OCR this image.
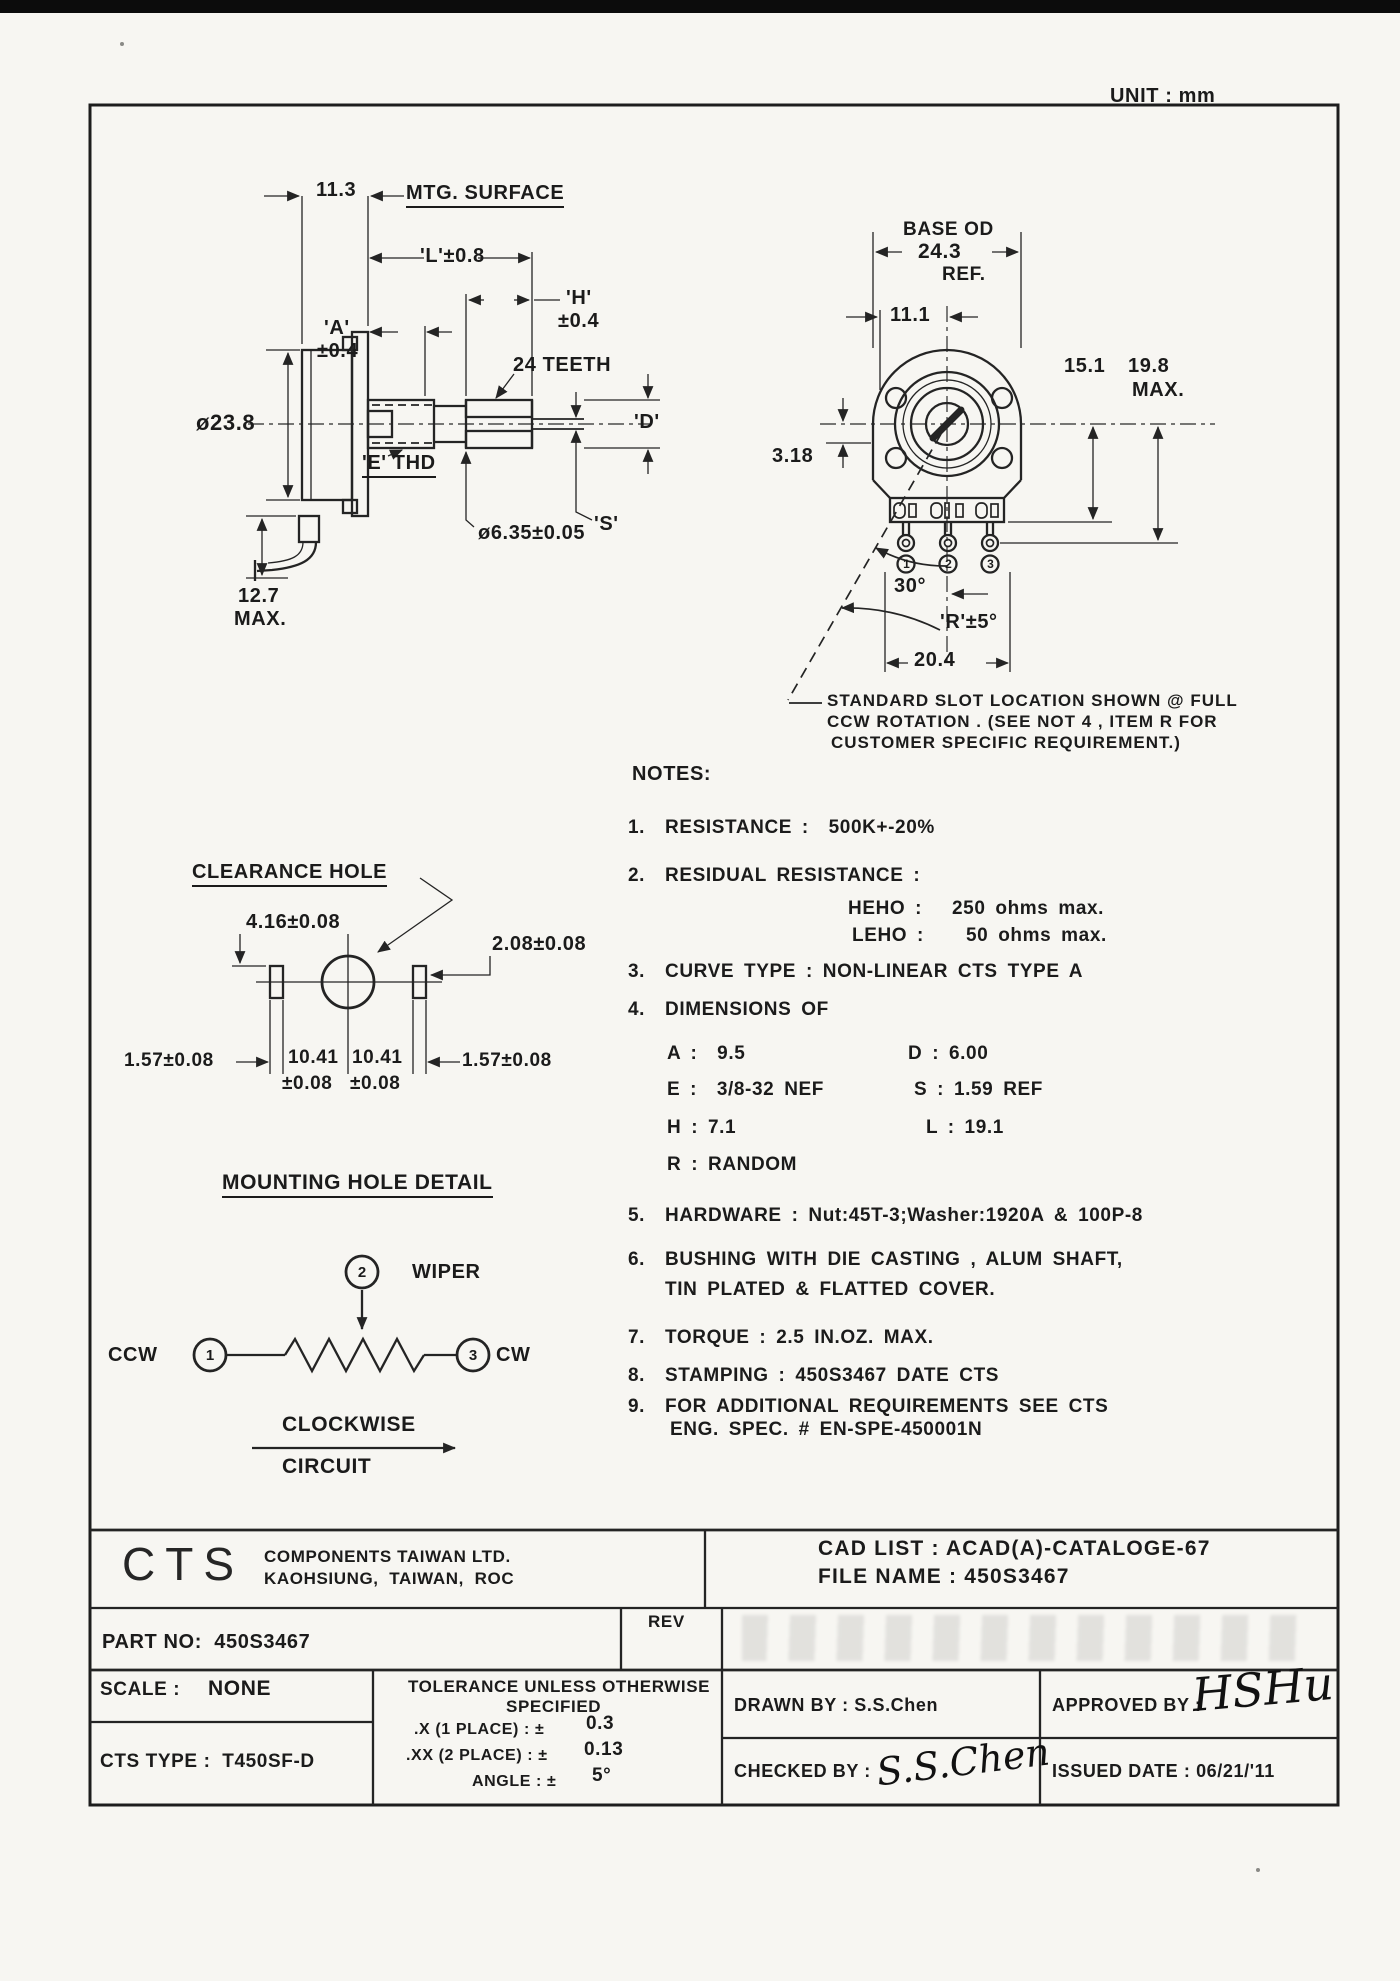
UNIT : mm
11.3 MTG. SURFACE
'L'±0.8
'H'
±0.4
'A'
±0.4
24 TEETH
ø23.8	'D'
'S'
ø6.35±0.05
'E' THD
12.7
MAX.
BASE OD
24.3
REF.
11.1
3.18
15.1 19.8
MAX.
30°
'R'±5°
20.4
1	2	3
STANDARD SLOT LOCATION SHOWN @ FULL
CCW ROTATION . (SEE NOT 4 , ITEM R FOR
CUSTOMER SPECIFIC REQUIREMENT.)
NOTES:
1. RESISTANCE :  500K+-20%
2. RESIDUAL RESISTANCE :
HEHO : 250 ohms max.
LEHO : 50 ohms max.
3. CURVE TYPE : NON-LINEAR CTS TYPE A
4. DIMENSIONS OF
A :  9.5	D : 6.00
E :  3/8-32 NEF	S : 1.59 REF
H : 7.1	L : 19.1
R : RANDOM
5. HARDWARE : Nut:45T-3;Washer:1920A & 100P-8
6. BUSHING WITH DIE CASTING , ALUM SHAFT,
TIN PLATED & FLATTED COVER.
7. TORQUE : 2.5 IN.OZ. MAX.
8. STAMPING : 450S3467 DATE CTS
9. FOR ADDITIONAL REQUIREMENTS SEE CTS
ENG. SPEC. # EN-SPE-450001N
CLEARANCE HOLE
4.16±0.08
2.08±0.08
1.57±0.08	10.41
±0.08
10.41
±0.08
1.57±0.08
MOUNTING HOLE DETAIL
2 WIPER
CCW	1	3 CW
CLOCKWISE
CIRCUIT
CTS COMPONENTS TAIWAN LTD.
KAOHSIUNG,  TAIWAN,  ROC
CAD LIST : ACAD(A)-CATALOGE-67
FILE NAME : 450S3467
PART NO:  450S3467
REV
SCALE : NONE	TOLERANCE UNLESS OTHERWISE
SPECIFIED
.X (1 PLACE) : ± 0.3
.XX (2 PLACE) : ± 0.13
ANGLE : ± 5°
CTS TYPE :  T450SF-D
DRAWN BY : S.S.Chen	APPROVED BY :
HSHu
CHECKED BY : S.S.Chen ISSUED DATE : 06/21/'11
